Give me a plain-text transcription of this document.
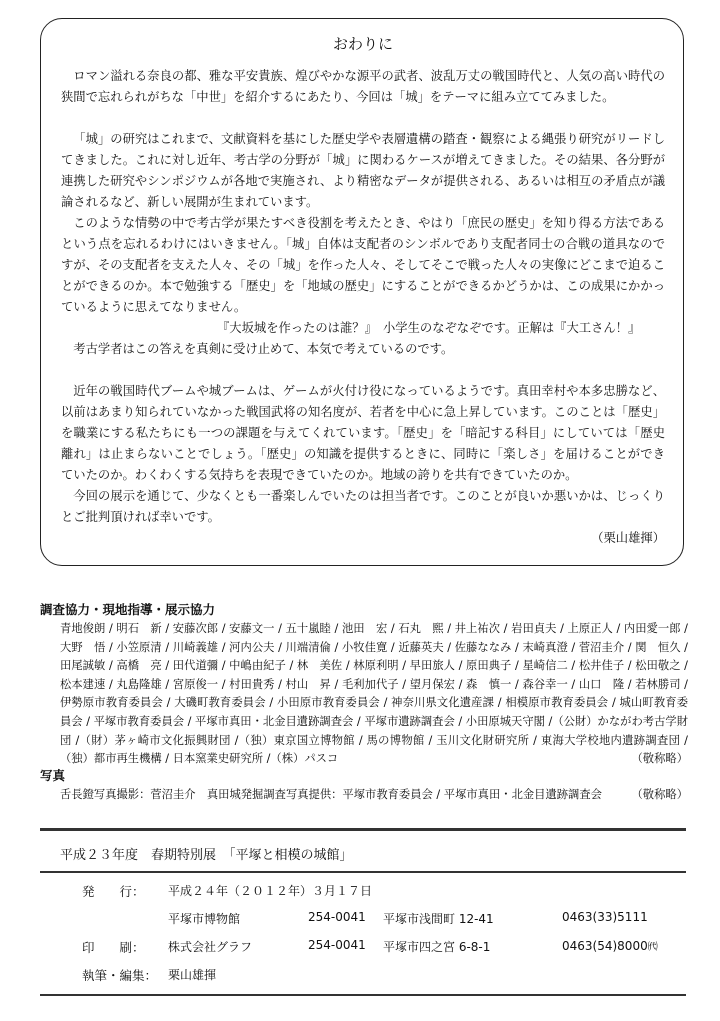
おわりに

ロマン溢れる奈良の都、雅な平安貴族、煌びやかな源平の武者、波乱万丈の戦国時代と、人気の高い時代の狭間で忘れられがちな「中世」を紹介するにあたり、今回は「城」をテーマに組み立ててみました。

「城」の研究はこれまで、文献資料を基にした歴史学や表層遺構の踏査・観察による縄張り研究がリードしてきました。これに対し近年、考古学の分野が「城」に関わるケースが増えてきました。その結果、各分野が連携した研究やシンポジウムが各地で実施され、より精密なデータが提供される、あるいは相互の矛盾点が議論されるなど、新しい展開が生まれています。

このような情勢の中で考古学が果たすべき役割を考えたとき、やはり「庶民の歴史」を知り得る方法であるという点を忘れるわけにはいきません。「城」自体は支配者のシンボルであり支配者同士の合戦の道具なのですが、その支配者を支えた人々、その「城」を作った人々、そしてそこで戦った人々の実像にどこまで迫ることができるのか。本で勉強する「歴史」を「地域の歴史」にすることができるかどうかは、この成果にかかっているように思えてなりません。

『大坂城を作ったのは誰？』　小学生のなぞなぞです。正解は『大工さん！』

考古学者はこの答えを真剣に受け止めて、本気で考えているのです。

近年の戦国時代ブームや城ブームは、ゲームが火付け役になっているようです。真田幸村や本多忠勝など、以前はあまり知られていなかった戦国武将の知名度が、若者を中心に急上昇しています。このことは「歴史」を職業にする私たちにも一つの課題を与えてくれています。「歴史」を「暗記する科目」にしていては「歴史離れ」は止まらないことでしょう。「歴史」の知識を提供するときに、同時に「楽しさ」を届けることができていたのか。わくわくする気持ちを表現できていたのか。地域の誇りを共有できていたのか。

今回の展示を通じて、少なくとも一番楽しんでいたのは担当者です。このことが良いか悪いかは、じっくりとご批判頂ければ幸いです。

（栗山雄揮）
調査協力・現地指導・展示協力
青地俊朗 / 明石　新 / 安藤次郎 / 安藤文一 / 五十嵐睦 / 池田　宏 / 石丸　熙 / 井上祐次 / 岩田貞夫 / 上原正人 / 内田愛一郎 / 大野　悟 / 小笠原清 / 川崎義雄 / 河内公夫 / 川端清倫 / 小牧佳寛 / 近藤英夫 / 佐藤ななみ / 末崎真澄 / 菅沼圭介 / 関　恒久 / 田尾誠敏 / 高橋　亮 / 田代道彌 / 中嶋由紀子 / 林　美佐 / 林原利明 / 早田旅人 / 原田典子 / 星崎信二 / 松井佳子 / 松田敬之 / 松本建速 / 丸島隆雄 / 宮原俊一 / 村田貴秀 / 村山　昇 / 毛利加代子 / 望月保宏 / 森　慎一 / 森谷幸一 / 山口　隆 / 若林勝司 / 伊勢原市教育委員会 / 大磯町教育委員会 / 小田原市教育委員会 / 神奈川県文化遺産課 / 相模原市教育委員会 / 城山町教育委員会 / 平塚市教育委員会 / 平塚市真田・北金目遺跡調査会 / 平塚市遺跡調査会 / 小田原城天守閣 /（公財）かながわ考古学財団 /（財）茅ヶ崎市文化振興財団 /（独）東京国立博物館 / 馬の博物館 / 玉川文化財研究所 / 東海大学校地内遺跡調査団 /（独）都市再生機構 / 日本窯業史研究所 /（株）パスコ	（敬称略）
写真
舌長鐙写真撮影：菅沼圭介　真田城発掘調査写真提供：平塚市教育委員会 / 平塚市真田・北金目遺跡調査会	（敬称略）
平成２３年度　春期特別展　「平塚と相模の城館」
発　　行： 平成２４年（２０１２年）３月１７日
平塚市博物館	254-0041 平塚市浅間町 12-41	0463(33)5111
印　　刷： 株式会社グラフ	254-0041 平塚市四之宮 6-8-1	0463(54)8000㈹
執筆・編集： 栗山雄揮
